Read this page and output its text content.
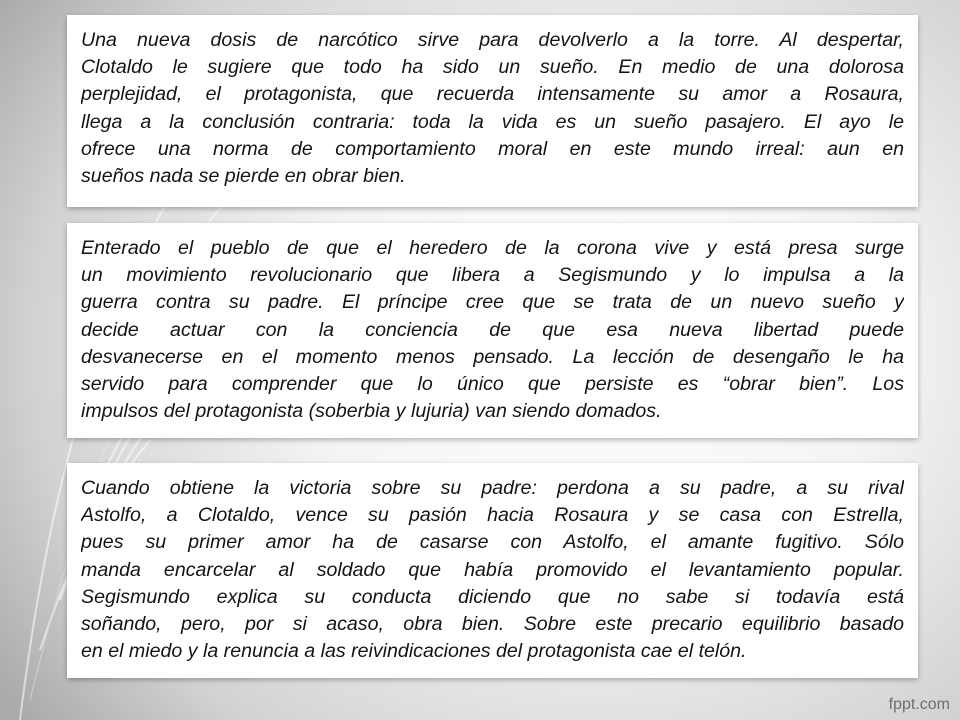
Una nueva dosis de narcótico sirve para devolverlo a la torre. Al despertar,
Clotaldo le sugiere que todo ha sido un sueño. En medio de una dolorosa
perplejidad, el protagonista, que recuerda intensamente su amor a Rosaura,
llega a la conclusión contraria: toda la vida es un sueño pasajero. El ayo le
ofrece una norma de comportamiento moral en este mundo irreal: aun en
sueños nada se pierde en obrar bien.
Enterado el pueblo de que el heredero de la corona vive y está presa surge
un movimiento revolucionario que libera a Segismundo y lo impulsa a la
guerra contra su padre. El príncipe cree que se trata de un nuevo sueño y
decide actuar con la conciencia de que esa nueva libertad puede
desvanecerse en el momento menos pensado. La lección de desengaño le ha
servido para comprender que lo único que persiste es “obrar bien”. Los
impulsos del protagonista (soberbia y lujuria) van siendo domados.
Cuando obtiene la victoria sobre su padre: perdona a su padre, a su rival
Astolfo, a Clotaldo, vence su pasión hacia Rosaura y se casa con Estrella,
pues su primer amor ha de casarse con Astolfo, el amante fugitivo. Sólo
manda encarcelar al soldado que había promovido el levantamiento popular.
Segismundo explica su conducta diciendo que no sabe si todavía está
soñando, pero, por si acaso, obra bien. Sobre este precario equilibrio basado
en el miedo y la renuncia a las reivindicaciones del protagonista cae el telón.
fppt.com
